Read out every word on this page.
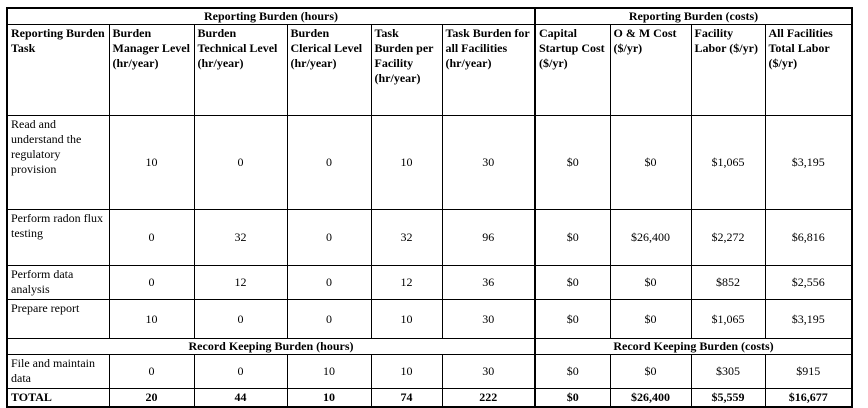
Reporting Burden (hours)						Reporting Burden (costs)			
Reporting Burden Task	Burden Manager Level (hr/year)	Burden Technical Level (hr/year)	Burden Clerical Level (hr/year)	Task Burden per Facility (hr/year)	Task Burden for all Facilities (hr/year)	Capital Startup Cost ($/yr)	O & M Cost ($/yr)	Facility Labor ($/yr)	All Facilities Total Labor ($/yr)
Read and understand the regulatory provision	10	0	0	10	30	$0	$0	$1,065	$3,195
Perform radon flux testing	0	32	0	32	96	$0	$26,400	$2,272	$6,816
Perform data analysis	0	12	0	12	36	$0	$0	$852	$2,556
Prepare report	10	0	0	10	30	$0	$0	$1,065	$3,195
Record Keeping Burden (hours)						Record Keeping Burden (costs)			
File and maintain data	0	0	10	10	30	$0	$0	$305	$915
TOTAL	20	44	10	74	222	$0	$26,400	$5,559	$16,677
